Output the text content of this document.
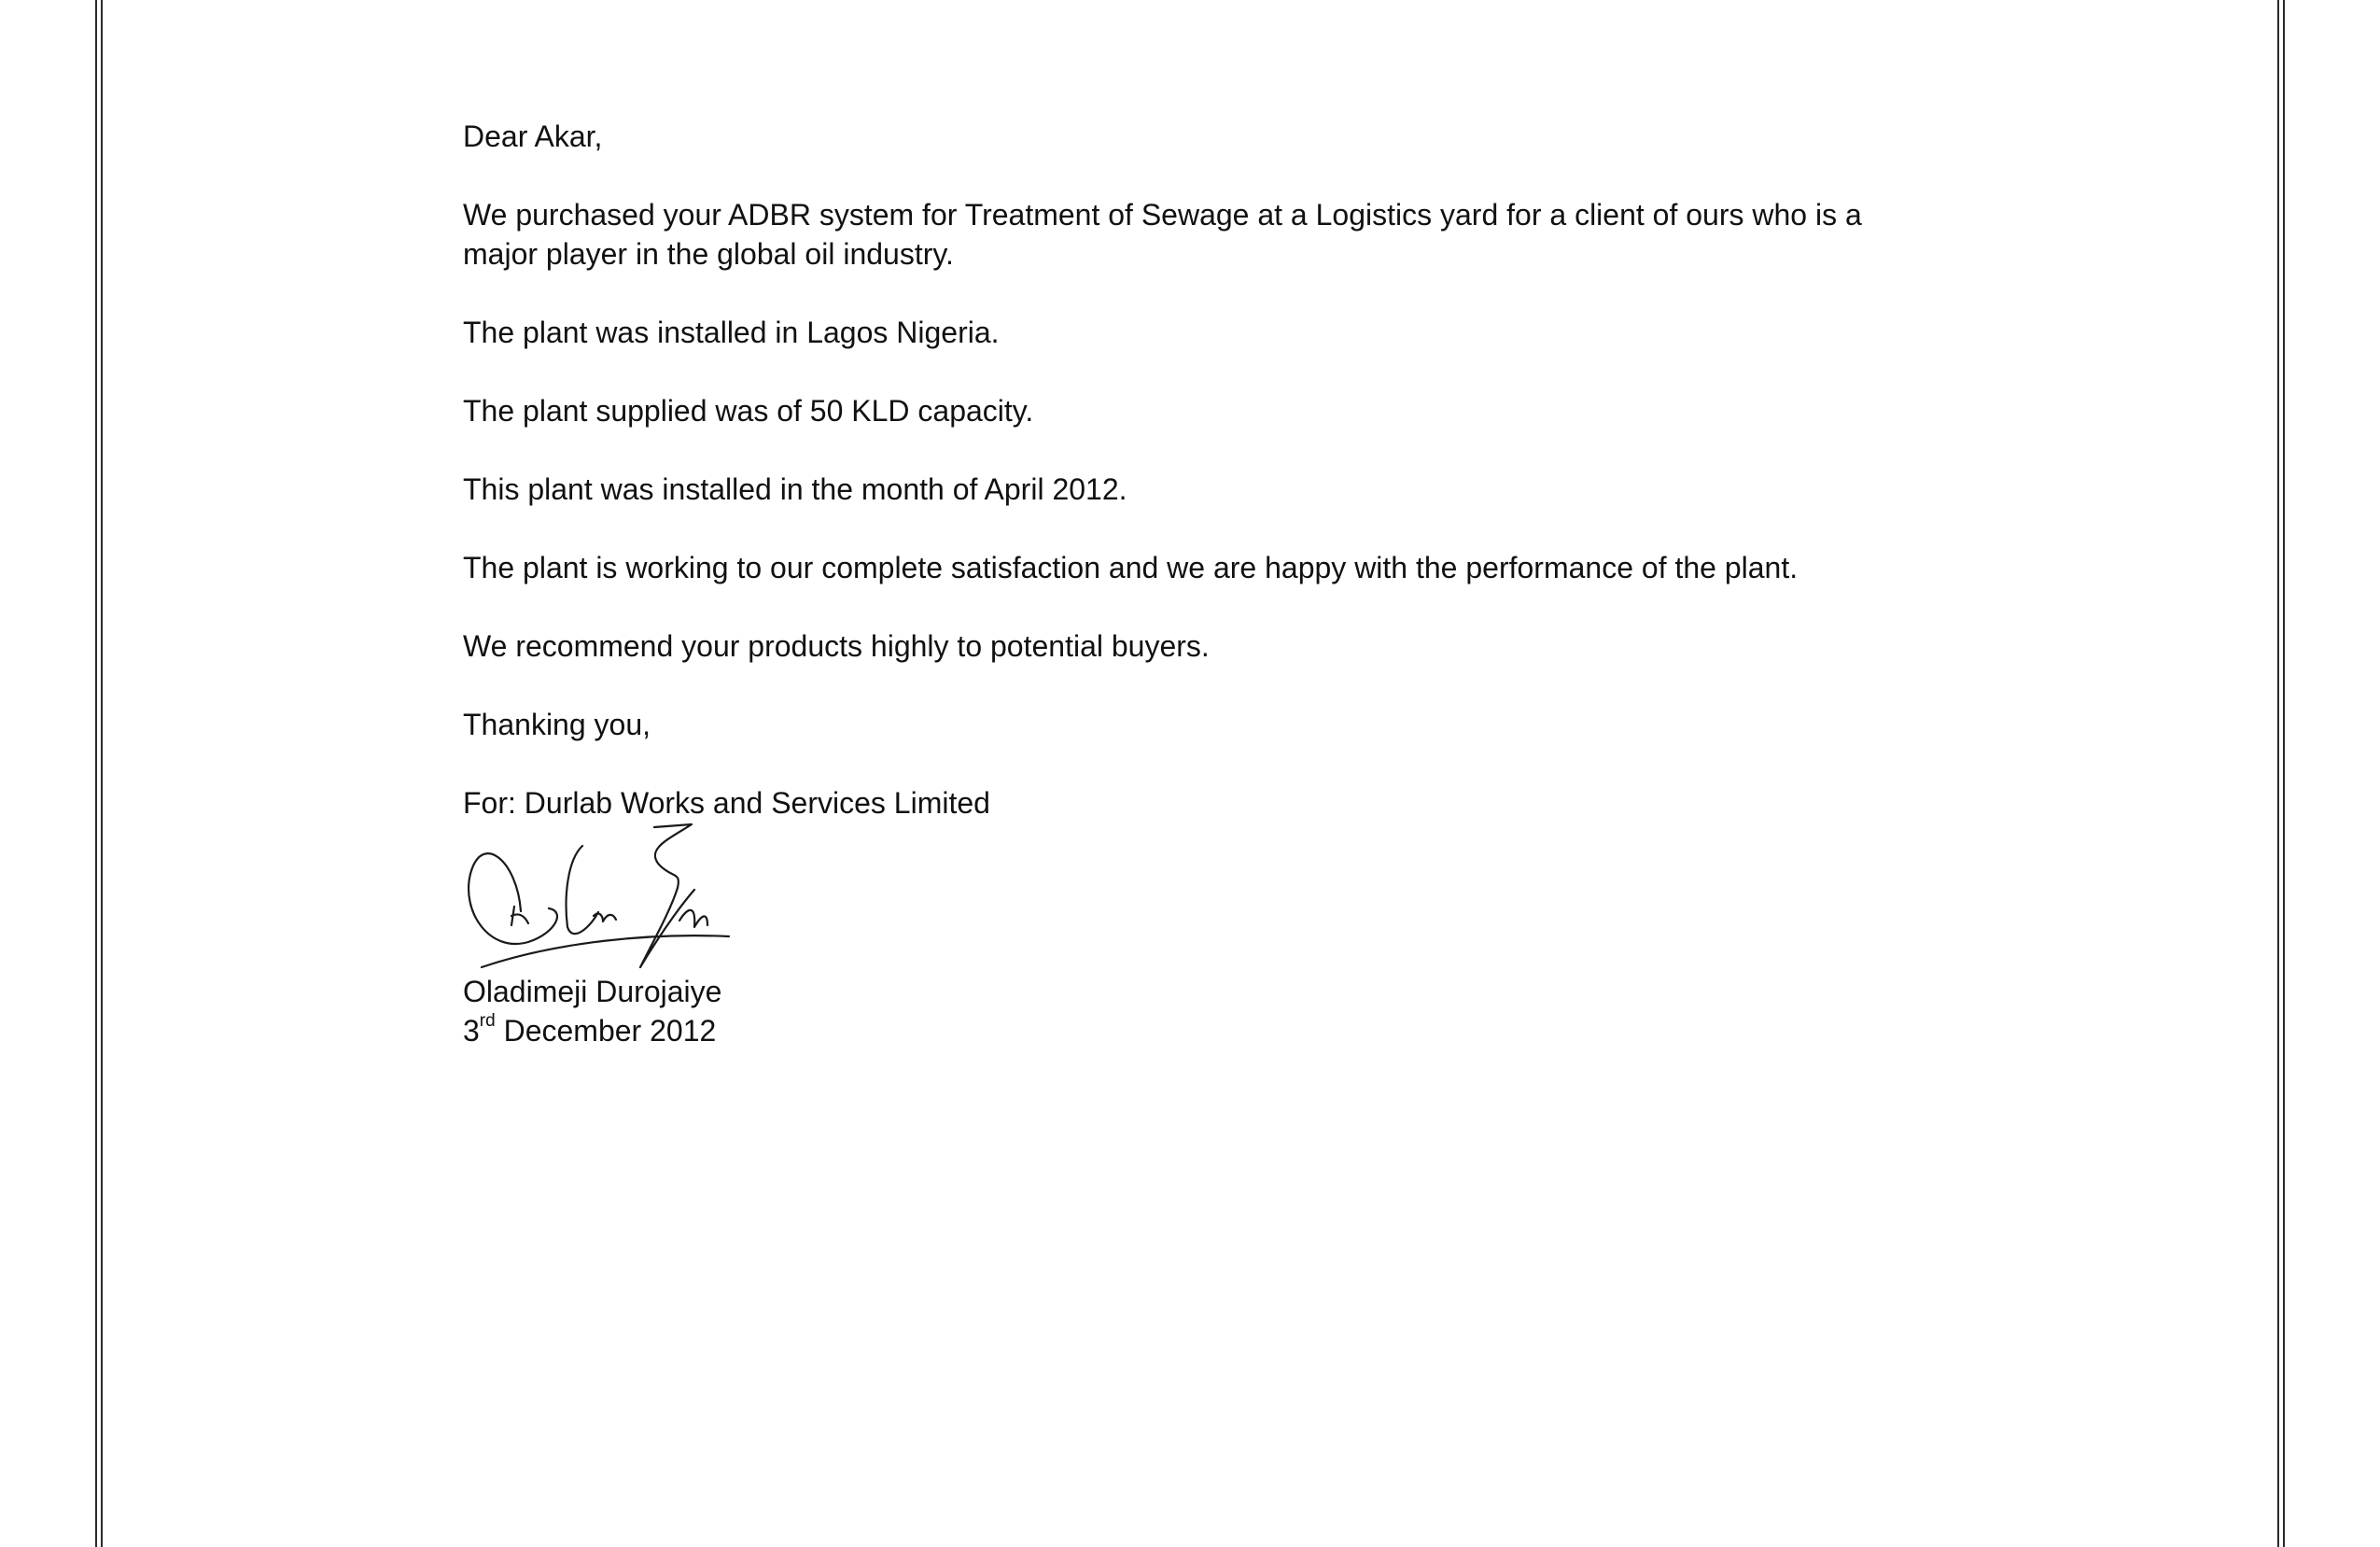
Dear Akar,

We purchased your ADBR system for Treatment of Sewage at a Logistics yard for a client of ours who is a major player in the global oil industry.

The plant was installed in Lagos Nigeria.

The plant supplied was of 50 KLD capacity.

This plant was installed in the month of April 2012.

The plant is working to our complete satisfaction and we are happy with the performance of the plant.

We recommend your products highly to potential buyers.

Thanking you,

For: Durlab Works and Services Limited

Oladimeji Durojaiye

3rd December 2012
